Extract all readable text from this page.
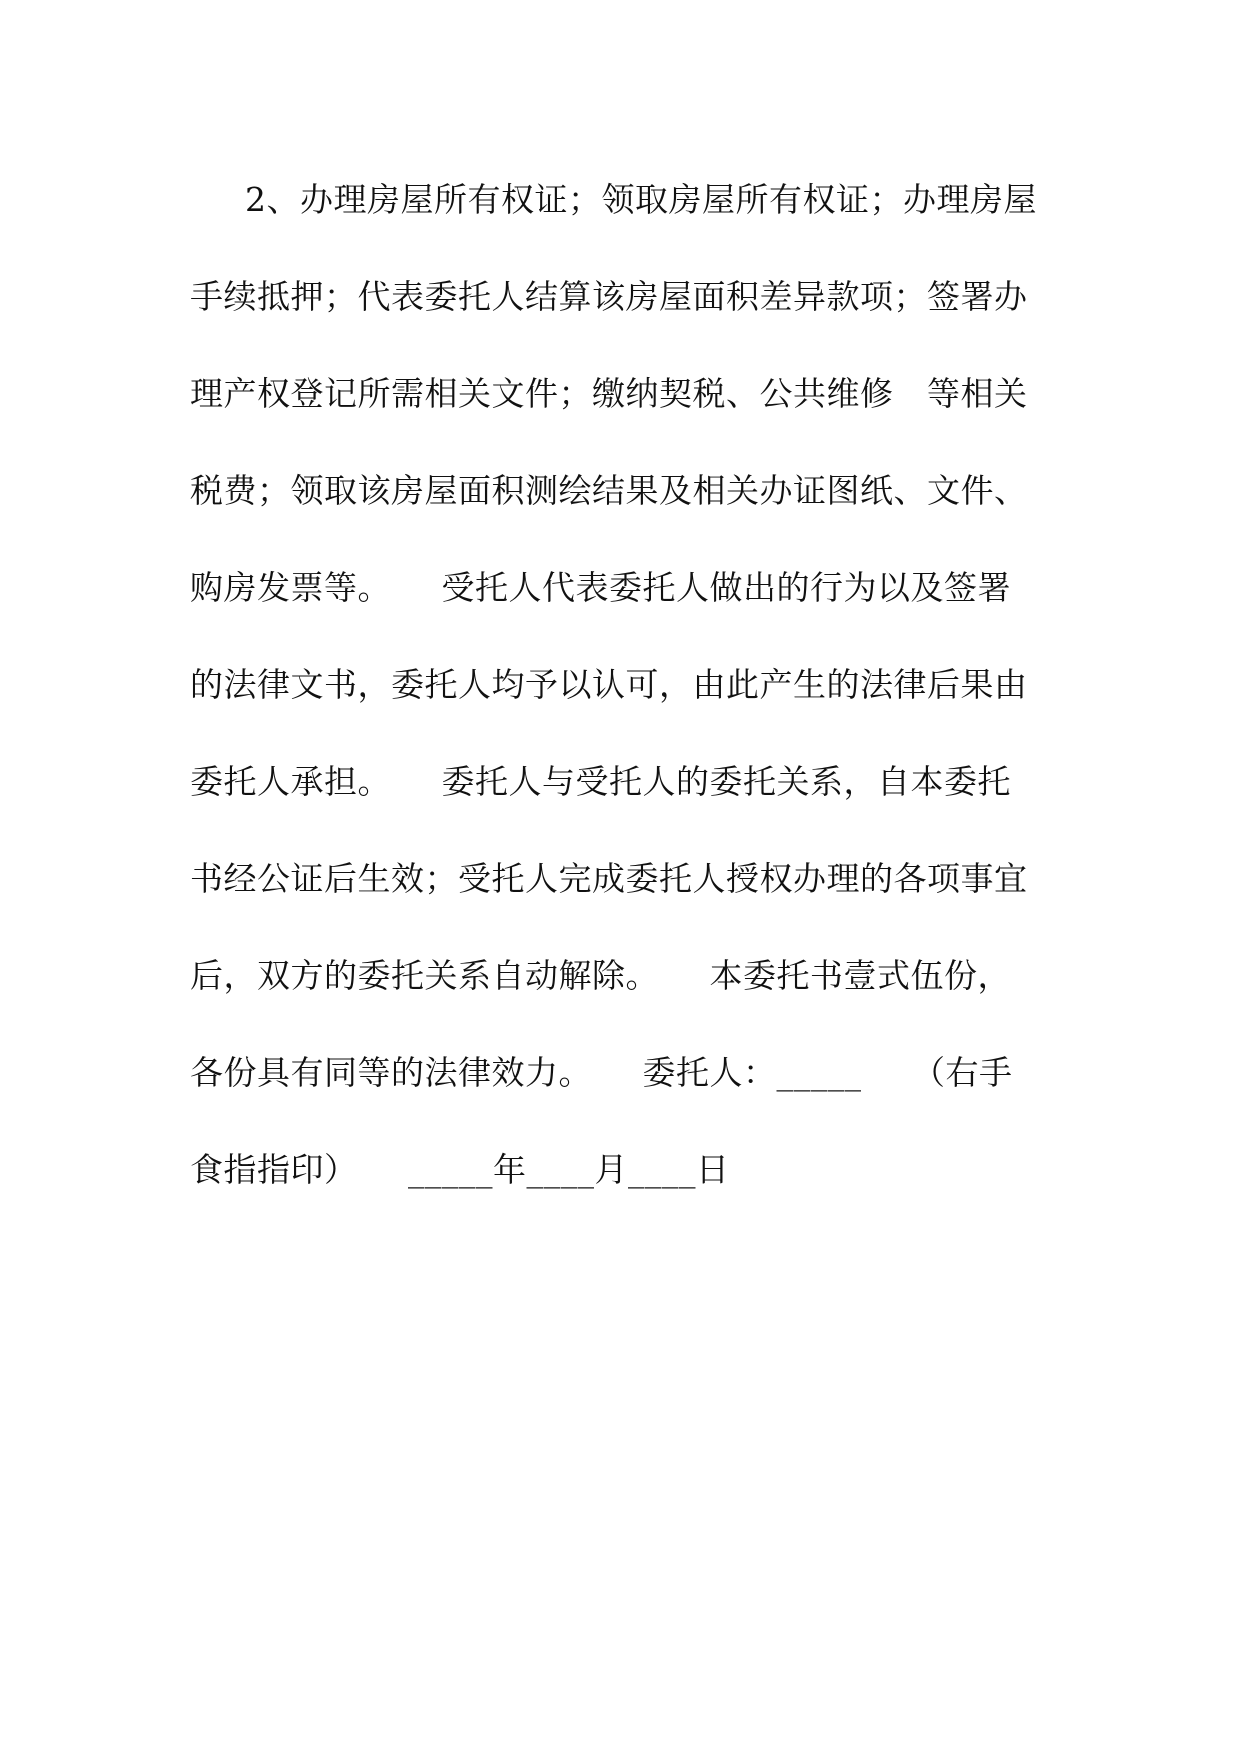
2、办理房屋所有权证；领取房屋所有权证；办理房屋
手续抵押；代表委托人结算该房屋面积差异款项；签署办
理产权登记所需相关文件；缴纳契税、公共维修　等相关
税费；领取该房屋面积测绘结果及相关办证图纸、文件、
购房发票等。　　受托人代表委托人做出的行为以及签署
的法律文书，委托人均予以认可，由此产生的法律后果由
委托人承担。　　委托人与受托人的委托关系，自本委托
书经公证后生效；受托人完成委托人授权办理的各项事宜
后，双方的委托关系自动解除。　　本委托书壹式伍份，
各份具有同等的法律效力。　　委托人：_____　　（右手
食指指印）　　_____年____月____日
